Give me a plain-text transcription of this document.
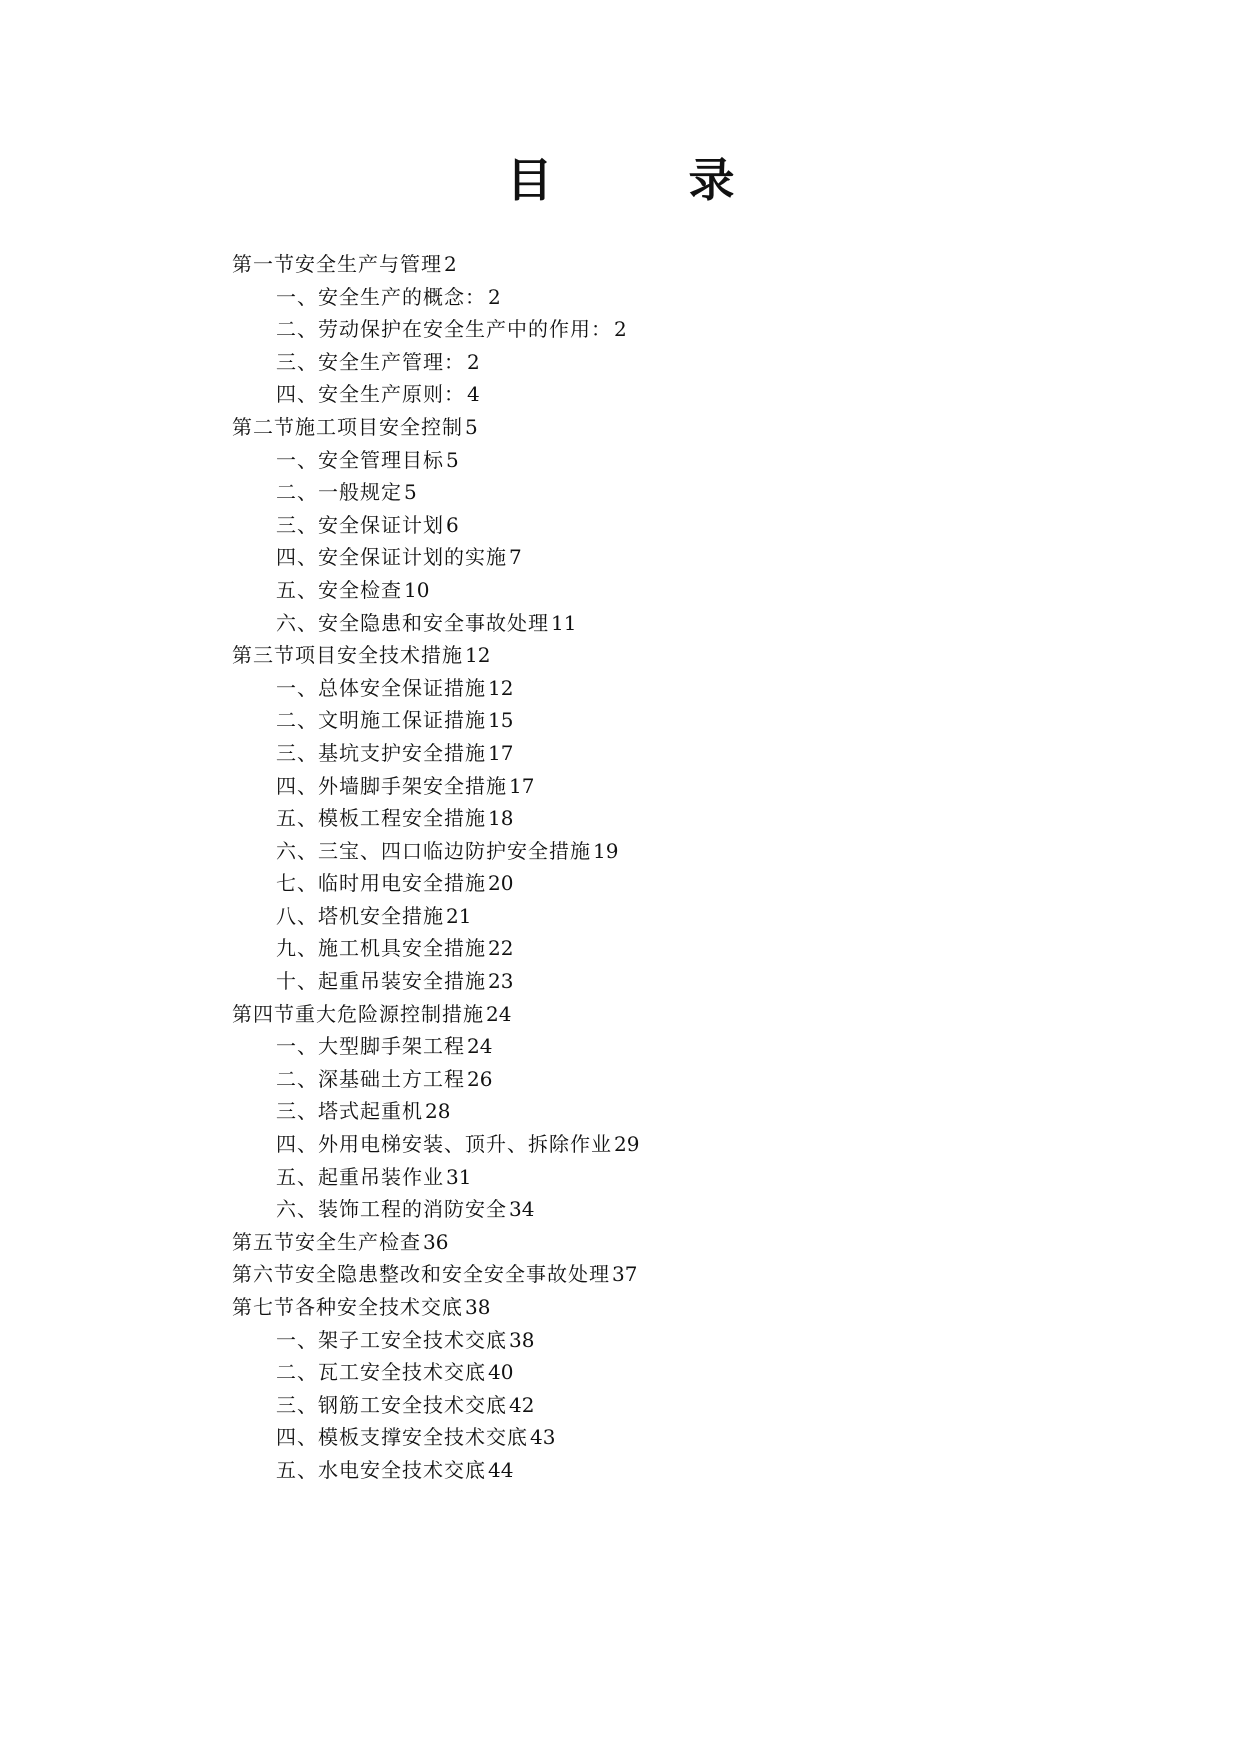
目 录
第一节安全生产与管理 2
一、安全生产的概念： 2
二、劳动保护在安全生产中的作用： 2
三、安全生产管理： 2
四、安全生产原则： 4
第二节施工项目安全控制 5
一、安全管理目标 5
二、一般规定 5
三、安全保证计划 6
四、安全保证计划的实施 7
五、安全检查 10
六、安全隐患和安全事故处理 11
第三节项目安全技术措施 12
一、总体安全保证措施 12
二、文明施工保证措施 15
三、基坑支护安全措施 17
四、外墙脚手架安全措施 17
五、模板工程安全措施 18
六、三宝、四口临边防护安全措施 19
七、临时用电安全措施 20
八、塔机安全措施 21
九、施工机具安全措施 22
十、起重吊装安全措施 23
第四节重大危险源控制措施 24
一、大型脚手架工程 24
二、深基础土方工程 26
三、塔式起重机 28
四、外用电梯安装、顶升、拆除作业 29
五、起重吊装作业 31
六、装饰工程的消防安全 34
第五节安全生产检查 36
第六节安全隐患整改和安全安全事故处理 37
第七节各种安全技术交底 38
一、架子工安全技术交底 38
二、瓦工安全技术交底 40
三、钢筋工安全技术交底 42
四、模板支撑安全技术交底 43
五、水电安全技术交底 44
